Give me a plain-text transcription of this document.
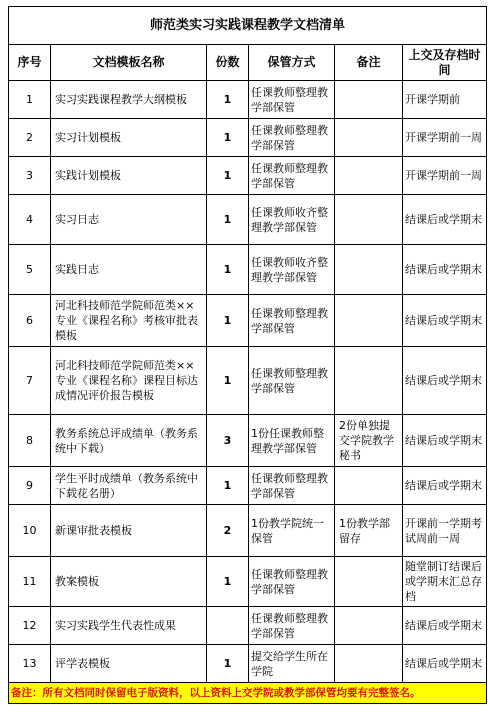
师范类实习实践课程教学文档清单					
序号	文档模板名称	份数	保管方式	备注	上交及存档时间
1	实习实践课程教学大纲模板	1	任课教师整理教学部保管		开课学期前
2	实习计划模板	1	任课教师整理教学部保管		开课学期前一周
3	实践计划模板	1	任课教师整理教学部保管		开课学期前一周
4	实习日志	1	任课教师收齐整理教学部保管		结课后或学期末
5	实践日志	1	任课教师收齐整理教学部保管		结课后或学期末
6	河北科技师范学院师范类××专业《课程名称》考核审批表模板	1	任课教师整理教学部保管		结课后或学期末
7	河北科技师范学院师范类××专业《课程名称》课程目标达成情况评价报告模板	1	任课教师整理教学部保管		结课后或学期末
8	教务系统总评成绩单（教务系统中下载）	3	1份任课教师整理教学部保管	2份单独提交学院教学秘书	结课后或学期末
9	学生平时成绩单（教务系统中下载花名册）	1	任课教师整理教学部保管		结课后或学期末
10	新课审批表模板	2	1份教学院统一保管	1份教学部留存	开课前一学期考试周前一周
11	教案模板	1	任课教师整理教学部保管		随堂制订结课后或学期末汇总存档
12	实习实践学生代表性成果		任课教师整理教学部保管		结课后或学期末
13	评学表模板	1	提交给学生所在学院		结课后或学期末
备注：所有文档同时保留电子版资料，以上资料上交学院或教学部保管均要有完整签名。					
